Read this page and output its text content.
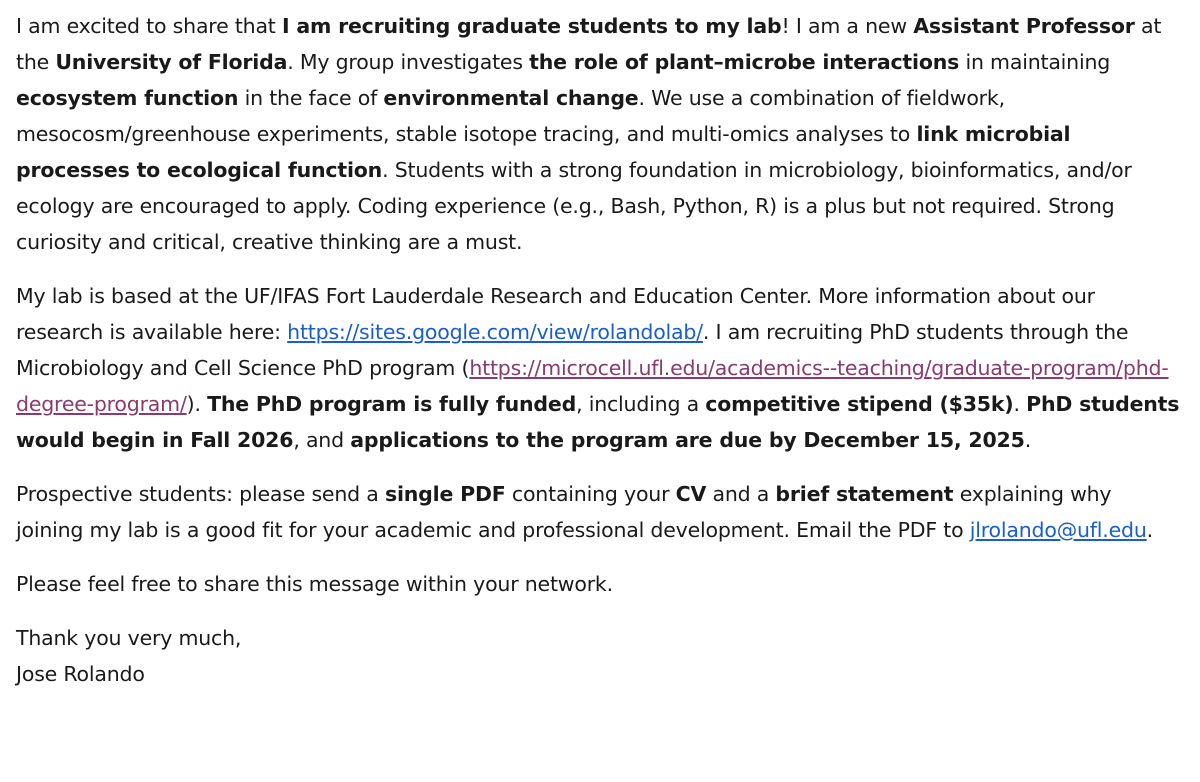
I am excited to share that I am recruiting graduate students to my lab! I am a new Assistant Professor at the University of Florida. My group investigates the role of plant–microbe interactions in maintaining ecosystem function in the face of environmental change. We use a combination of fieldwork, mesocosm/greenhouse experiments, stable isotope tracing, and multi-omics analyses to link microbial processes to ecological function. Students with a strong foundation in microbiology, bioinformatics, and/or ecology are encouraged to apply. Coding experience (e.g., Bash, Python, R) is a plus but not required. Strong curiosity and critical, creative thinking are a must.

My lab is based at the UF/IFAS Fort Lauderdale Research and Education Center. More information about our research is available here: https://sites.google.com/view/rolandolab/. I am recruiting PhD students through the Microbiology and Cell Science PhD program (https://microcell.ufl.edu/academics--teaching/graduate-program/phd-degree-program/). The PhD program is fully funded, including a competitive stipend ($35k). PhD students would begin in Fall 2026, and applications to the program are due by December 15, 2025.

Prospective students: please send a single PDF containing your CV and a brief statement explaining why joining my lab is a good fit for your academic and professional development. Email the PDF to jlrolando@ufl.edu.

Please feel free to share this message within your network.

Thank you very much,
Jose Rolando
